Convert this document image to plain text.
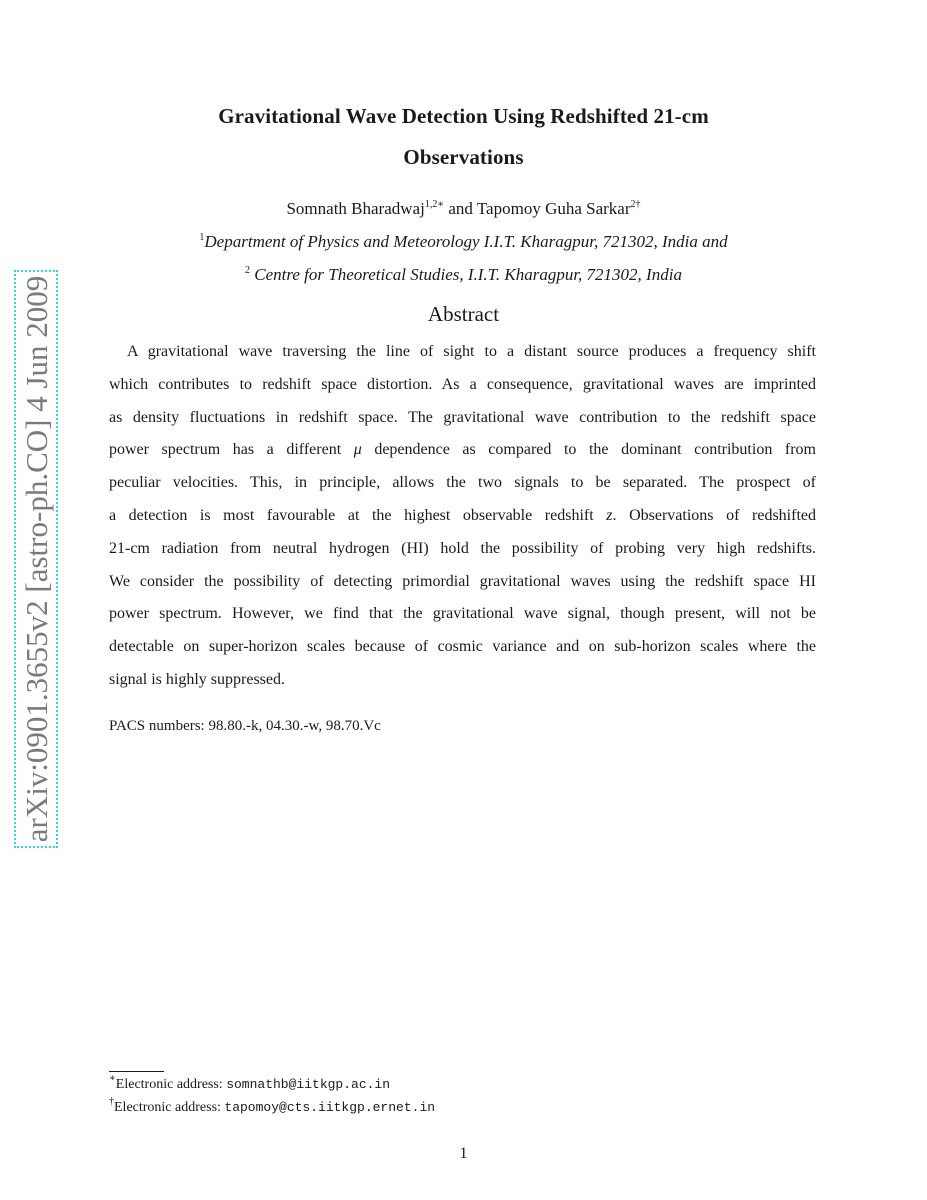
arXiv:0901.3655v2 [astro-ph.CO] 4 Jun 2009
Gravitational Wave Detection Using Redshifted 21-cm
Observations
Somnath Bharadwaj$^{1,2∗}$ and Tapomoy Guha Sarkar$^{2\dagger}$
$^1$Department of Physics and Meteorology I.I.T. Kharagpur, 721302, India and
$^2$ Centre for Theoretical Studies, I.I.T. Kharagpur, 721302, India
Abstract
A gravitational wave traversing the line of sight to a distant source produces a frequency shift
which contributes to redshift space distortion. As a consequence, gravitational waves are imprinted
as density fluctuations in redshift space. The gravitational wave contribution to the redshift space
power spectrum has a different μ dependence as compared to the dominant contribution from
peculiar velocities. This, in principle, allows the two signals to be separated. The prospect of
a detection is most favourable at the highest observable redshift z. Observations of redshifted
21-cm radiation from neutral hydrogen (HI) hold the possibility of probing very high redshifts.
We consider the possibility of detecting primordial gravitational waves using the redshift space HI
power spectrum. However, we find that the gravitational wave signal, though present, will not be
detectable on super-horizon scales because of cosmic variance and on sub-horizon scales where the
signal is highly suppressed.
PACS numbers: 98.80.-k, 04.30.-w, 98.70.Vc
∗Electronic address: somnathb@iitkgp.ac.in
†Electronic address: tapomoy@cts.iitkgp.ernet.in
1
